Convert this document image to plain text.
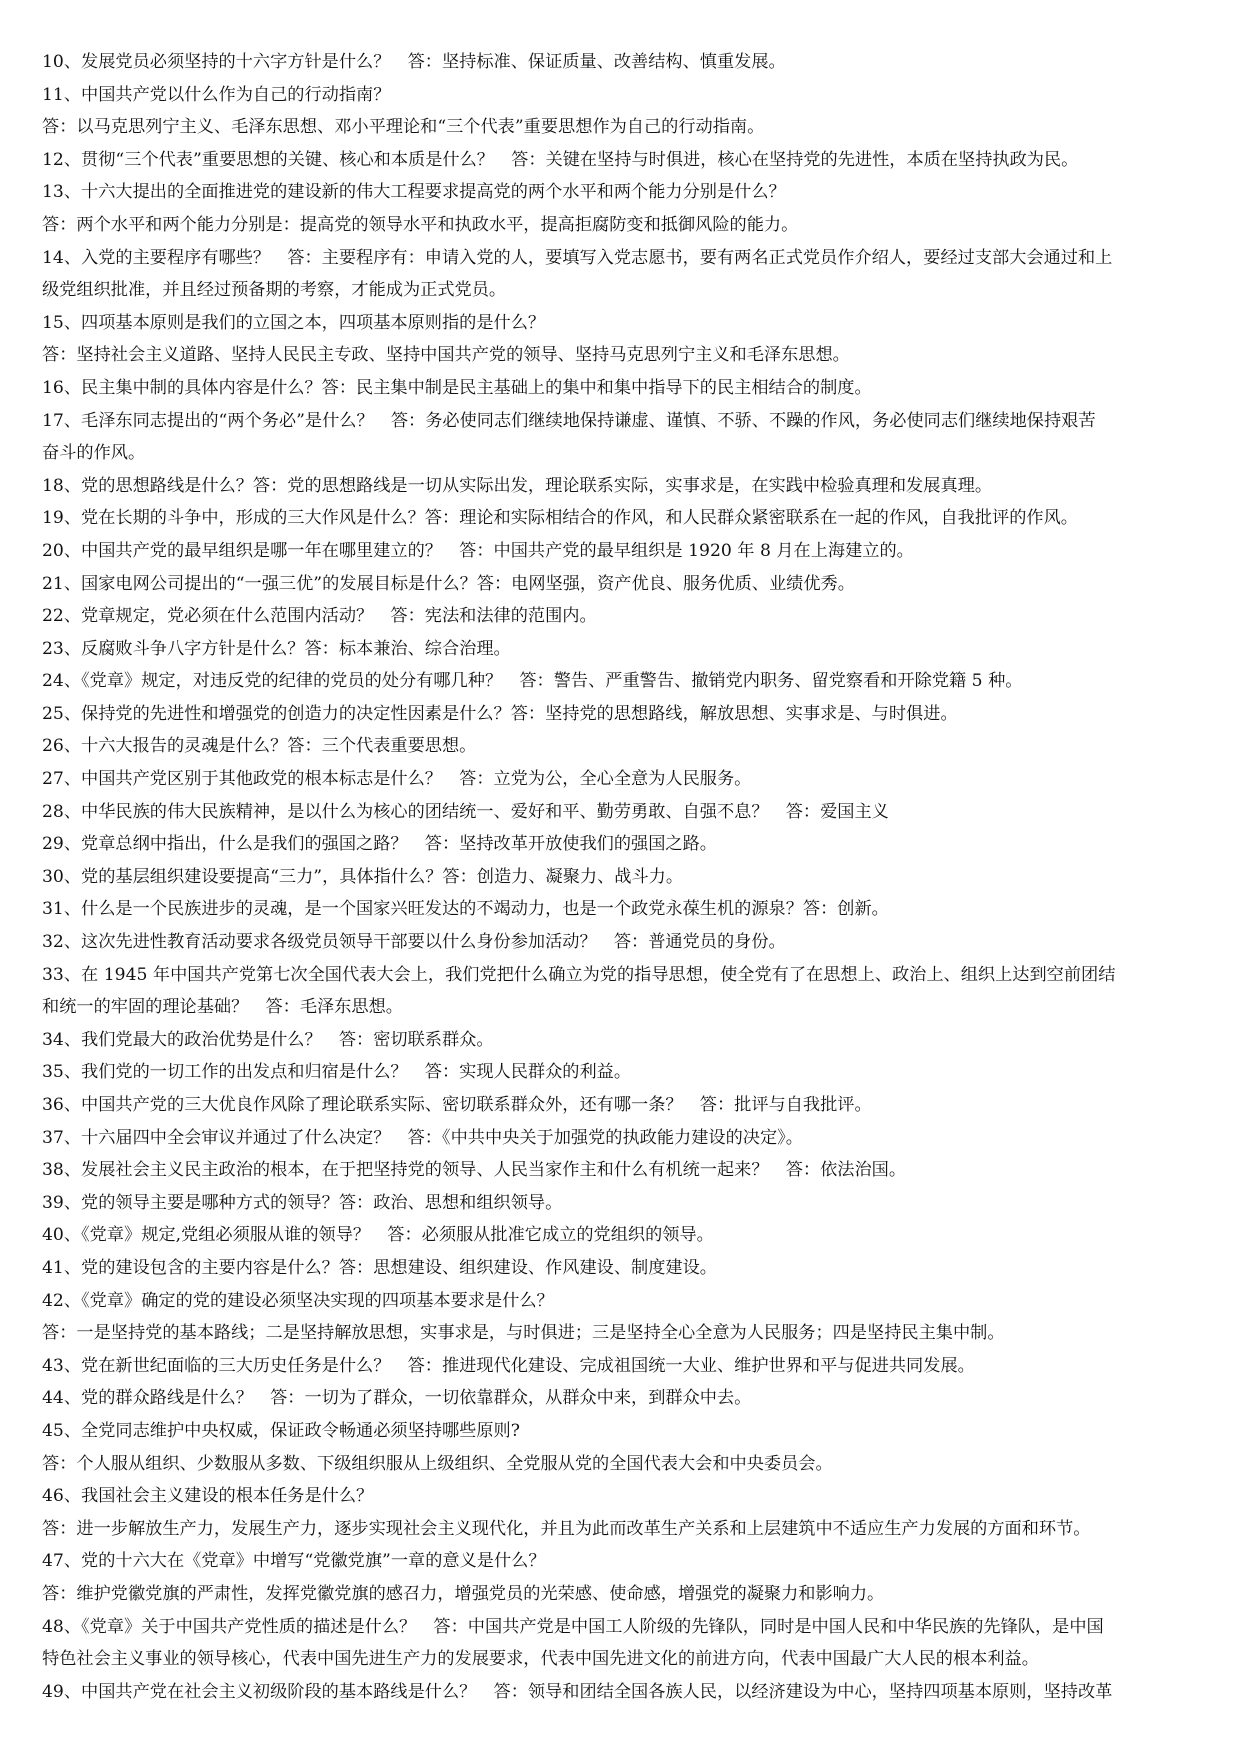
10、发展党员必须坚持的十六字方针是什么？　答：坚持标准、保证质量、改善结构、慎重发展。
11、中国共产党以什么作为自己的行动指南？
答：以马克思列宁主义、毛泽东思想、邓小平理论和“三个代表”重要思想作为自己的行动指南。
12、贯彻“三个代表”重要思想的关键、核心和本质是什么？　答：关键在坚持与时俱进，核心在坚持党的先进性，本质在坚持执政为民。
13、十六大提出的全面推进党的建设新的伟大工程要求提高党的两个水平和两个能力分别是什么？
答：两个水平和两个能力分别是：提高党的领导水平和执政水平，提高拒腐防变和抵御风险的能力。
14、入党的主要程序有哪些？　答：主要程序有：申请入党的人，要填写入党志愿书，要有两名正式党员作介绍人，要经过支部大会通过和上
级党组织批准，并且经过预备期的考察，才能成为正式党员。
15、四项基本原则是我们的立国之本，四项基本原则指的是什么？
答：坚持社会主义道路、坚持人民民主专政、坚持中国共产党的领导、坚持马克思列宁主义和毛泽东思想。
16、民主集中制的具体内容是什么？答：民主集中制是民主基础上的集中和集中指导下的民主相结合的制度。
17、毛泽东同志提出的“两个务必”是什么？　答：务必使同志们继续地保持谦虚、谨慎、不骄、不躁的作风，务必使同志们继续地保持艰苦
奋斗的作风。
18、党的思想路线是什么？答：党的思想路线是一切从实际出发，理论联系实际，实事求是，在实践中检验真理和发展真理。
19、党在长期的斗争中，形成的三大作风是什么？答：理论和实际相结合的作风，和人民群众紧密联系在一起的作风，自我批评的作风。
20、中国共产党的最早组织是哪一年在哪里建立的？　答：中国共产党的最早组织是 1920 年 8 月在上海建立的。
21、国家电网公司提出的“一强三优”的发展目标是什么？答：电网坚强，资产优良、服务优质、业绩优秀。
22、党章规定，党必须在什么范围内活动？　答：宪法和法律的范围内。
23、反腐败斗争八字方针是什么？答：标本兼治、综合治理。
24、《党章》规定，对违反党的纪律的党员的处分有哪几种？　答：警告、严重警告、撤销党内职务、留党察看和开除党籍 5 种。
25、保持党的先进性和增强党的创造力的决定性因素是什么？答：坚持党的思想路线，解放思想、实事求是、与时俱进。
26、十六大报告的灵魂是什么？答：三个代表重要思想。
27、中国共产党区别于其他政党的根本标志是什么？　答：立党为公，全心全意为人民服务。
28、中华民族的伟大民族精神，是以什么为核心的团结统一、爱好和平、勤劳勇敢、自强不息？　答：爱国主义
29、党章总纲中指出，什么是我们的强国之路？　答：坚持改革开放使我们的强国之路。
30、党的基层组织建设要提高“三力”，具体指什么？答：创造力、凝聚力、战斗力。
31、什么是一个民族进步的灵魂，是一个国家兴旺发达的不竭动力，也是一个政党永葆生机的源泉？答：创新。
32、这次先进性教育活动要求各级党员领导干部要以什么身份参加活动？　答：普通党员的身份。
33、在 1945 年中国共产党第七次全国代表大会上，我们党把什么确立为党的指导思想，使全党有了在思想上、政治上、组织上达到空前团结
和统一的牢固的理论基础？　答：毛泽东思想。
34、我们党最大的政治优势是什么？　答：密切联系群众。
35、我们党的一切工作的出发点和归宿是什么？　答：实现人民群众的利益。
36、中国共产党的三大优良作风除了理论联系实际、密切联系群众外，还有哪一条？　答：批评与自我批评。
37、十六届四中全会审议并通过了什么决定？　答：《中共中央关于加强党的执政能力建设的决定》。
38、发展社会主义民主政治的根本，在于把坚持党的领导、人民当家作主和什么有机统一起来？　答：依法治国。
39、党的领导主要是哪种方式的领导？答：政治、思想和组织领导。
40、《党章》规定,党组必须服从谁的领导？　答：必须服从批准它成立的党组织的领导。
41、党的建设包含的主要内容是什么？答：思想建设、组织建设、作风建设、制度建设。
42、《党章》确定的党的建设必须坚决实现的四项基本要求是什么？
答：一是坚持党的基本路线；二是坚持解放思想，实事求是，与时俱进；三是坚持全心全意为人民服务；四是坚持民主集中制。
43、党在新世纪面临的三大历史任务是什么？　答：推进现代化建设、完成祖国统一大业、维护世界和平与促进共同发展。
44、党的群众路线是什么？　答：一切为了群众，一切依靠群众，从群众中来，到群众中去。
45、全党同志维护中央权威，保证政令畅通必须坚持哪些原则?
答：个人服从组织、少数服从多数、下级组织服从上级组织、全党服从党的全国代表大会和中央委员会。
46、我国社会主义建设的根本任务是什么？
答：进一步解放生产力，发展生产力，逐步实现社会主义现代化，并且为此而改革生产关系和上层建筑中不适应生产力发展的方面和环节。
47、党的十六大在《党章》中增写“党徽党旗”一章的意义是什么？
答：维护党徽党旗的严肃性，发挥党徽党旗的感召力，增强党员的光荣感、使命感，增强党的凝聚力和影响力。
48、《党章》关于中国共产党性质的描述是什么？　答：中国共产党是中国工人阶级的先锋队，同时是中国人民和中华民族的先锋队，是中国
特色社会主义事业的领导核心，代表中国先进生产力的发展要求，代表中国先进文化的前进方向，代表中国最广大人民的根本利益。
49、中国共产党在社会主义初级阶段的基本路线是什么？　答：领导和团结全国各族人民，以经济建设为中心，坚持四项基本原则，坚持改革
